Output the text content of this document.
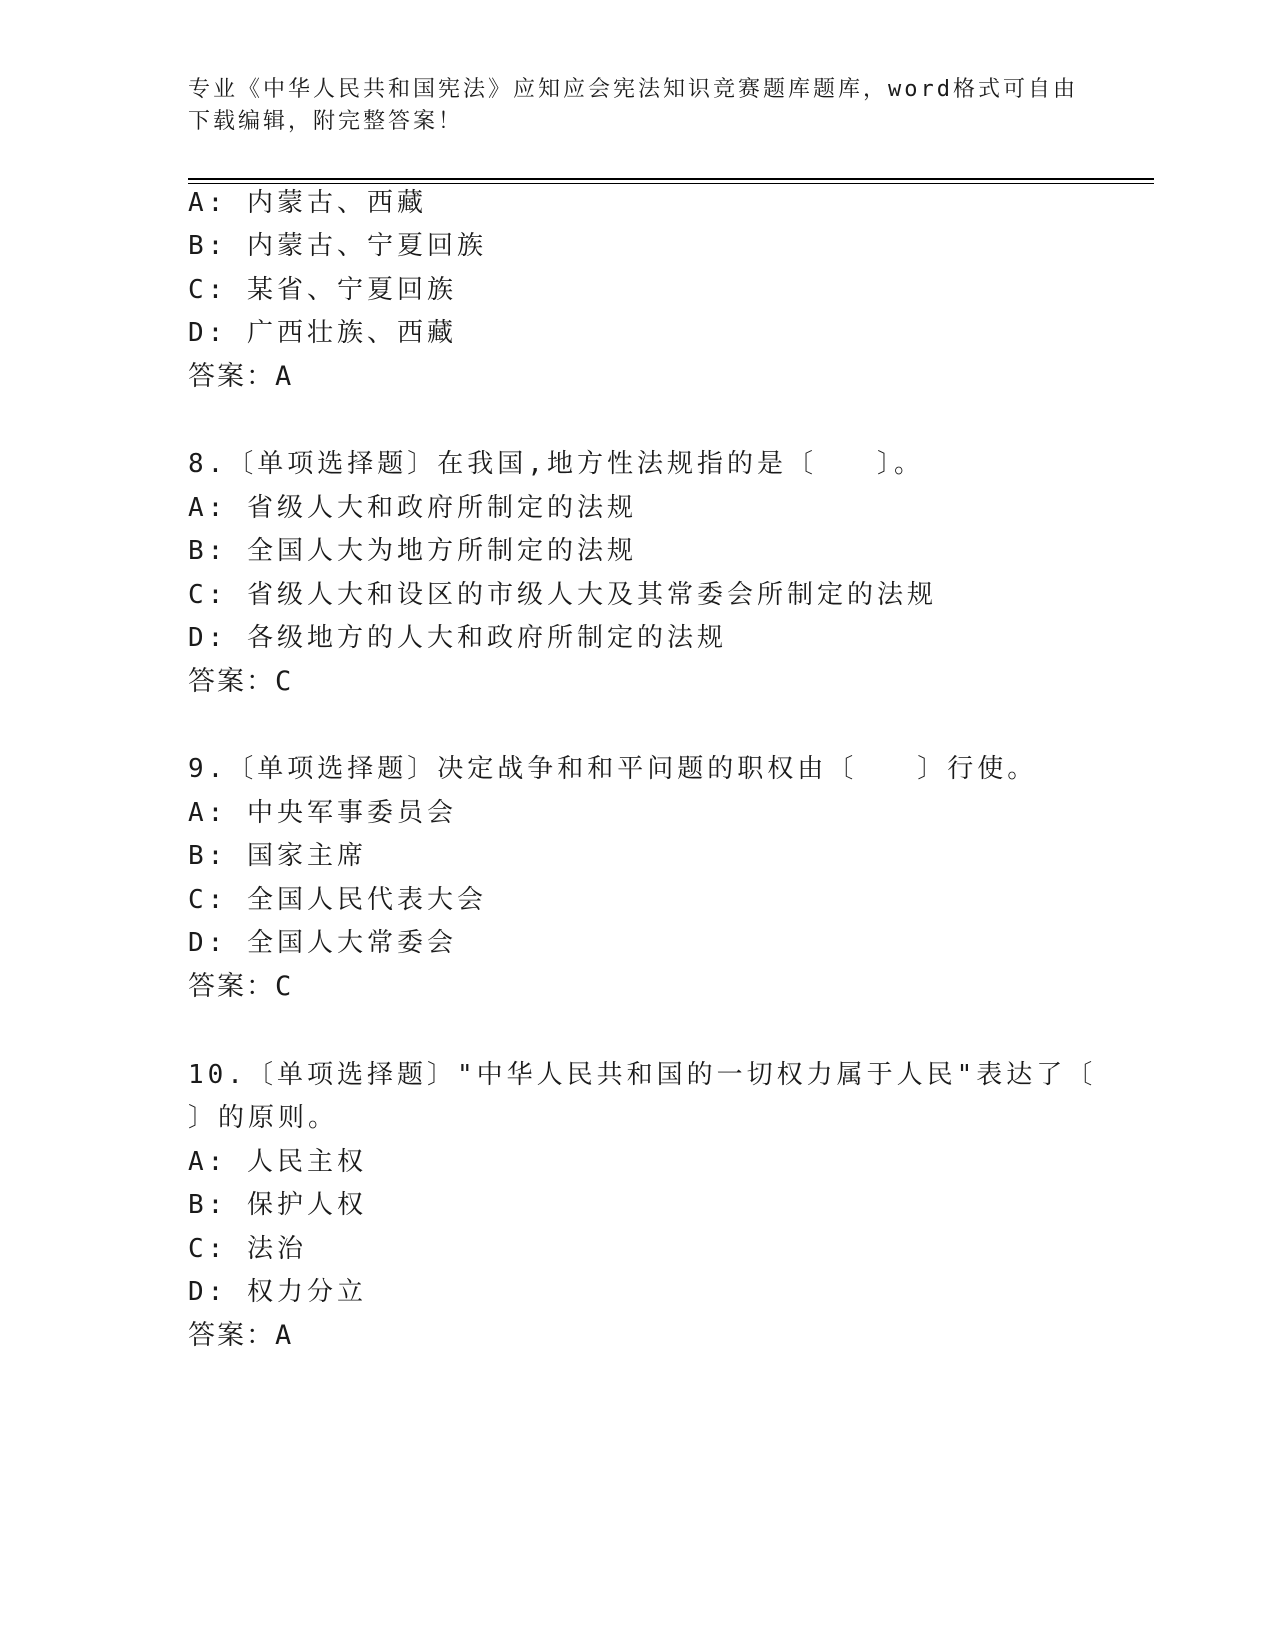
专业《中华人民共和国宪法》应知应会宪法知识竞赛题库题库，word格式可自由
下载编辑，附完整答案！
A: 内蒙古、西藏
B: 内蒙古、宁夏回族
C: 某省、宁夏回族
D: 广西壮族、西藏
答案：A
8.〔单项选择题〕在我国,地方性法规指的是〔　　〕。
A: 省级人大和政府所制定的法规
B: 全国人大为地方所制定的法规
C: 省级人大和设区的市级人大及其常委会所制定的法规
D: 各级地方的人大和政府所制定的法规
答案：C
9.〔单项选择题〕决定战争和和平问题的职权由〔　　〕行使。
A: 中央军事委员会
B: 国家主席
C: 全国人民代表大会
D: 全国人大常委会
答案：C
10.〔单项选择题〕"中华人民共和国的一切权力属于人民"表达了〔
〕的原则。
A: 人民主权
B: 保护人权
C: 法治
D: 权力分立
答案：A
